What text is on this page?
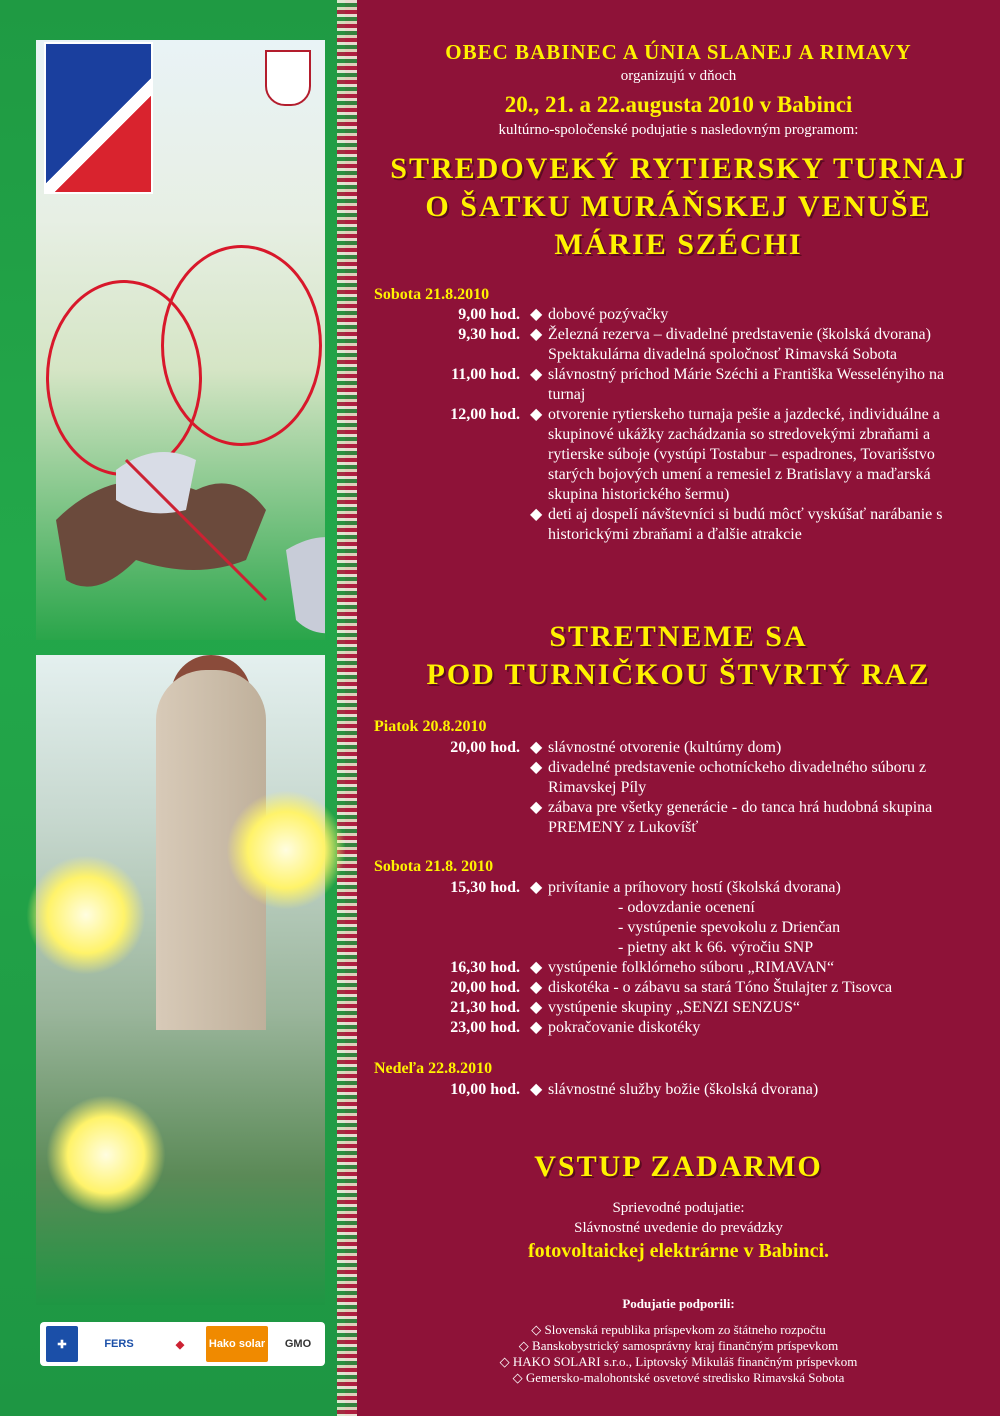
✚	FERS	◆	Hako solar	GMO
OBEC BABINEC A ÚNIA SLANEJ A RIMAVY
organizujú v dňoch
20., 21. a 22.augusta 2010 v Babinci
kultúrno-spoločenské podujatie s nasledovným programom:
STREDOVEKÝ RYTIERSKY TURNAJ
O ŠATKU MURÁŇSKEJ VENUŠE
MÁRIE SZÉCHI
Sobota 21.8.2010
9,00 hod. ◆ dobové pozývačky
9,30 hod. ◆ Železná rezerva – divadelné predstavenie (školská dvorana) Spektakulárna divadelná spoločnosť Rimavská Sobota
11,00 hod. ◆ slávnostný príchod Márie Széchi a Františka Wesselényiho na turnaj
12,00 hod. ◆ otvorenie rytierskeho turnaja pešie a jazdecké, individuálne a skupinové ukážky zachádzania so stredovekými zbraňami a rytierske súboje (vystúpi Tostabur – espadrones, Tovarišstvo starých bojových umení a remesiel z Bratislavy a maďarská skupina historického šermu)
◆ deti aj dospelí návštevníci si budú môcť vyskúšať narábanie s historickými zbraňami a ďalšie atrakcie
STRETNEME SA
POD TURNIČKOU ŠTVRTÝ RAZ
Piatok 20.8.2010
20,00 hod. ◆ slávnostné otvorenie (kultúrny dom)
◆ divadelné predstavenie ochotníckeho divadelného súboru z Rimavskej Píly
◆ zábava pre všetky generácie - do tanca hrá hudobná skupina PREMENY z Lukovíšť
Sobota 21.8. 2010
15,30 hod. ◆ privítanie a príhovory hostí (školská dvorana)
- odovzdanie ocenení
- vystúpenie spevokolu z Drienčan
- pietny akt k 66. výročiu SNP
16,30 hod. ◆ vystúpenie folklórneho súboru „RIMAVAN“
20,00 hod. ◆ diskotéka - o zábavu sa stará Tóno Štulajter z Tisovca
21,30 hod. ◆ vystúpenie skupiny „SENZI SENZUS“
23,00 hod. ◆ pokračovanie diskotéky
Nedeľa 22.8.2010
10,00 hod. ◆ slávnostné služby božie (školská dvorana)
VSTUP ZADARMO
Sprievodné podujatie:
Slávnostné uvedenie do prevádzky
fotovoltaickej elektrárne v Babinci.
Podujatie podporili:
◇ Slovenská republika príspevkom zo štátneho rozpočtu
◇ Banskobystrický samosprávny kraj finančným príspevkom
◇ HAKO SOLARI s.r.o., Liptovský Mikuláš finančným príspevkom
◇ Gemersko-malohontské osvetové stredisko Rimavská Sobota
